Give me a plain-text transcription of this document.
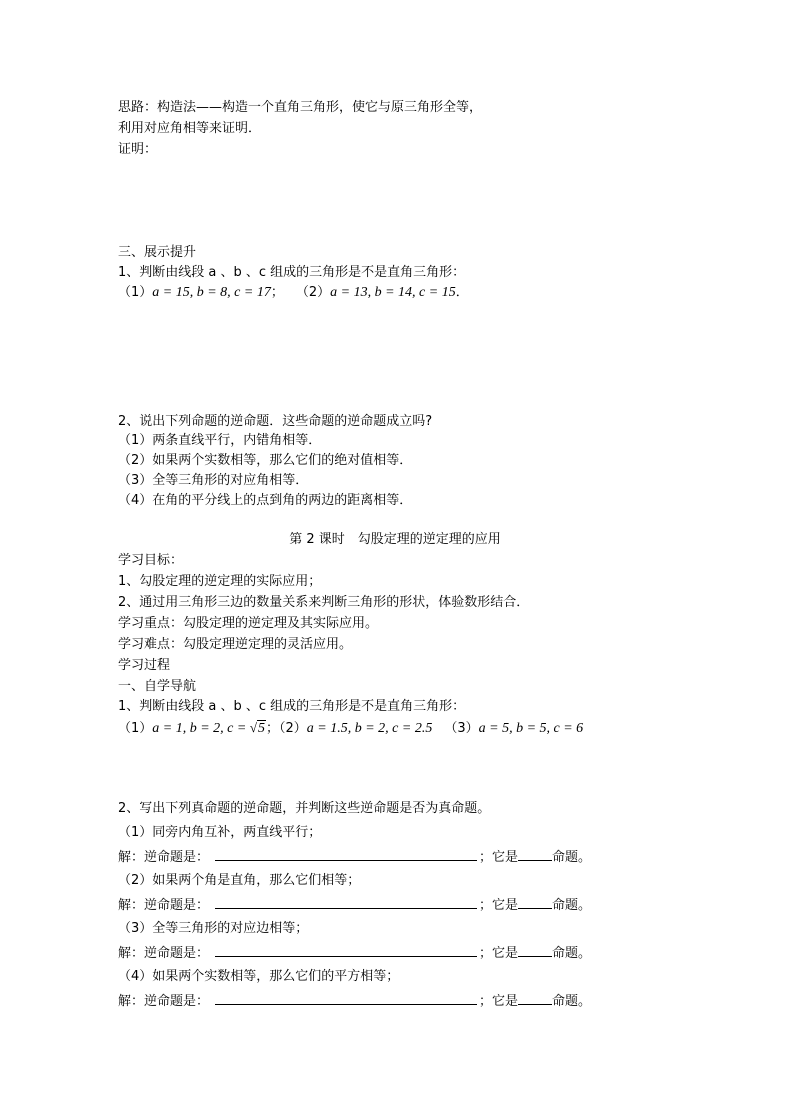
思路：构造法——构造一个直角三角形，使它与原三角形全等，
利用对应角相等来证明．
证明：
三、展示提升
1、判断由线段 a 、b 、c 组成的三角形是不是直角三角形：
（1）a = 15, b = 8, c = 17； （2）a = 13, b = 14, c = 15．
2、说出下列命题的逆命题．这些命题的逆命题成立吗?
（1）两条直线平行，内错角相等．
（2）如果两个实数相等，那么它们的绝对值相等．
（3）全等三角形的对应角相等．
（4）在角的平分线上的点到角的两边的距离相等．
第 2 课时　勾股定理的逆定理的应用
学习目标：
1、勾股定理的逆定理的实际应用；
2、通过用三角形三边的数量关系来判断三角形的形状，体验数形结合．
学习重点：勾股定理的逆定理及其实际应用。
学习难点：勾股定理逆定理的灵活应用。
学习过程
一、自学导航
1、判断由线段 a 、b 、c 组成的三角形是不是直角三角形：
（1）a = 1, b = 2, c = √5；（2）a = 1.5, b = 2, c = 2.5 （3）a = 5, b = 5, c = 6
2、写出下列真命题的逆命题，并判断这些逆命题是否为真命题。
（1）同旁内角互补，两直线平行；
解：逆命题是：	；它是	命题。
（2）如果两个角是直角，那么它们相等；
解：逆命题是：	；它是	命题。
（3）全等三角形的对应边相等；
解：逆命题是：	；它是	命题。
（4）如果两个实数相等，那么它们的平方相等；
解：逆命题是：	；它是	命题。
